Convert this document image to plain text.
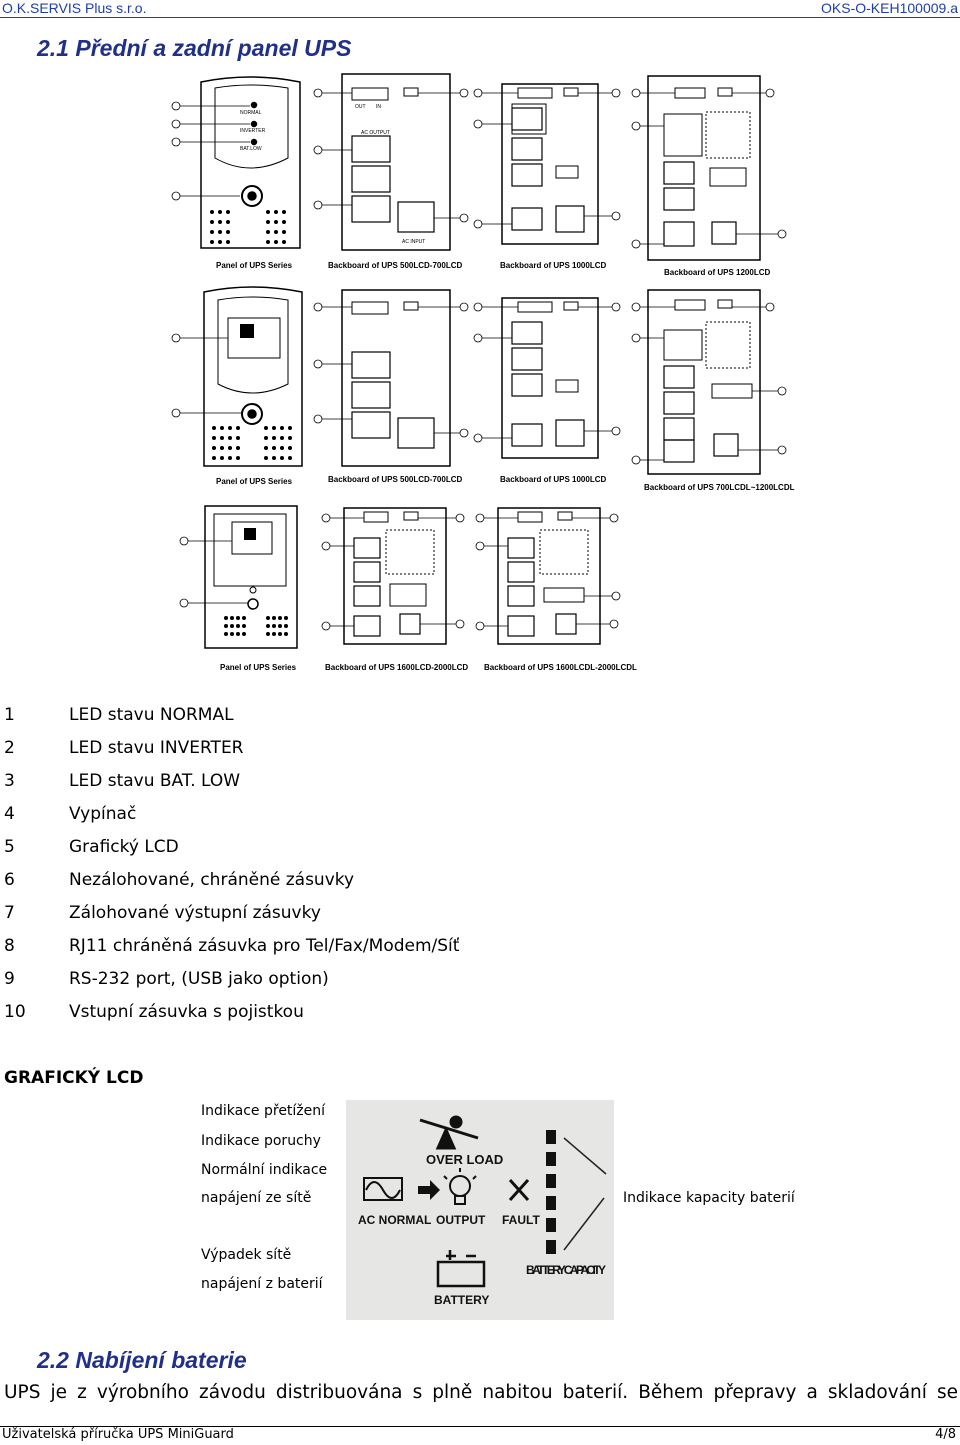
O.K.SERVIS Plus s.r.o.	OKS-O-KEH100009.a
2.1 Přední a zadní panel UPS
NORMAL
INVERTER
BAT.LOW
OUT IN
AC OUTPUT
AC INPUT
Panel of UPS Series	Backboard of UPS 500LCD-700LCD	Backboard of UPS 1000LCD
Backboard of UPS 1200LCD
Panel of UPS Series	Backboard of UPS 500LCD-700LCD	Backboard of UPS 1000LCD
Backboard of UPS 700LCDL~1200LCDL
Panel of UPS Series	Backboard of UPS 1600LCD-2000LCD Backboard of UPS 1600LCDL-2000LCDL
1	LED stavu NORMAL
2	LED stavu INVERTER
3	LED stavu BAT. LOW
4	Vypínač
5	Grafický LCD
6	Nezálohované, chráněné zásuvky
7	Zálohované výstupní zásuvky
8	RJ11 chráněná zásuvka pro Tel/Fax/Modem/Síť
9	RS-232 port, (USB jako option)
10	Vstupní zásuvka s pojistkou
GRAFICKÝ LCD
Indikace přetížení
Indikace poruchy
Normální indikace
napájení ze sítě	Indikace kapacity baterií
Výpadek sítě
napájení z baterií
OVER LOAD
AC NORMAL OUTPUT FAULT
BATTERY
BATTERY CAPACITY
2.2 Nabíjení baterie
UPS je z výrobního závodu distribuována s plně nabitou baterií. Během přepravy a skladování se
Uživatelská příručka UPS MiniGuard	4/8
